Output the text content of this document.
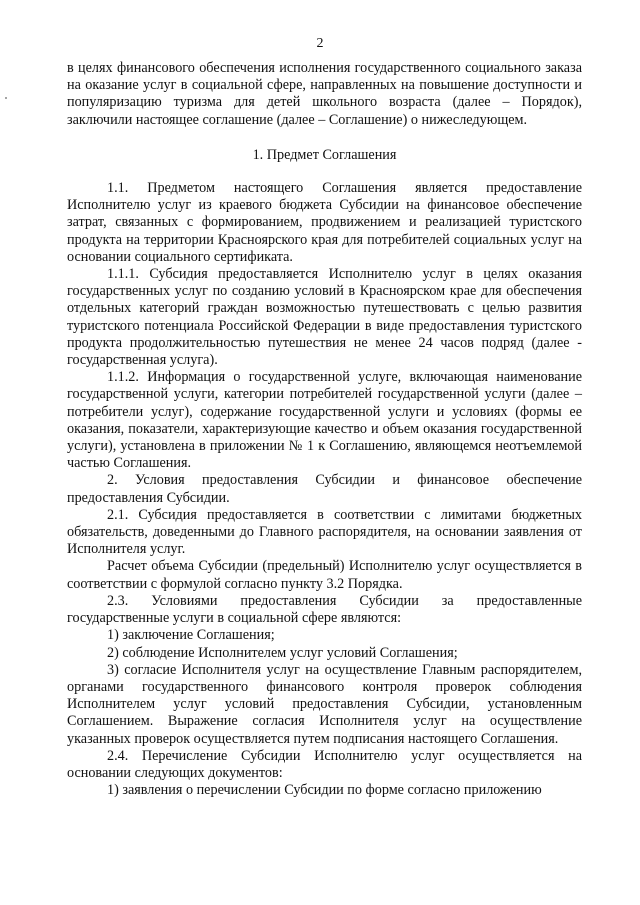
2

в целях финансового обеспечения исполнения государственного социального заказа на оказание услуг в социальной сфере, направленных на повышение доступности и популяризацию туризма для детей школьного возраста (далее – Порядок), заключили настоящее соглашение (далее – Соглашение) о нижеследующем.

1. Предмет Соглашения

1.1. Предметом настоящего Соглашения является предоставление Исполнителю услуг из краевого бюджета Субсидии на финансовое обеспечение затрат, связанных с формированием, продвижением и реализацией туристского продукта на территории Красноярского края для потребителей социальных услуг на основании социального сертификата.

1.1.1. Субсидия предоставляется Исполнителю услуг в целях оказания государственных услуг по созданию условий в Красноярском крае для обеспечения отдельных категорий граждан возможностью путешествовать с целью развития туристского потенциала Российской Федерации в виде предоставления туристского продукта продолжительностью путешествия не менее 24 часов подряд (далее - государственная услуга).

1.1.2. Информация о государственной услуге, включающая наименование государственной услуги, категории потребителей государственной услуги (далее – потребители услуг), содержание государственной услуги и условиях (формы ее оказания, показатели, характеризующие качество и объем оказания государственной услуги), установлена в приложении № 1 к Соглашению, являющемся неотъемлемой частью Соглашения.

2. Условия предоставления Субсидии и финансовое обеспечение предоставления Субсидии.

2.1. Субсидия предоставляется в соответствии с лимитами бюджетных обязательств, доведенными до Главного распорядителя, на основании заявления от Исполнителя услуг.

Расчет объема Субсидии (предельный) Исполнителю услуг осуществляется в соответствии с формулой согласно пункту 3.2 Порядка.

2.3. Условиями предоставления Субсидии за предоставленные государственные услуги в социальной сфере являются:

1) заключение Соглашения;

2) соблюдение Исполнителем услуг условий Соглашения;

3) согласие Исполнителя услуг на осуществление Главным распорядителем, органами государственного финансового контроля проверок соблюдения Исполнителем услуг условий предоставления Субсидии, установленным Соглашением. Выражение согласия Исполнителя услуг на осуществление указанных проверок осуществляется путем подписания настоящего Соглашения.

2.4. Перечисление Субсидии Исполнителю услуг осуществляется на основании следующих документов:

1) заявления о перечислении Субсидии по форме согласно приложению
